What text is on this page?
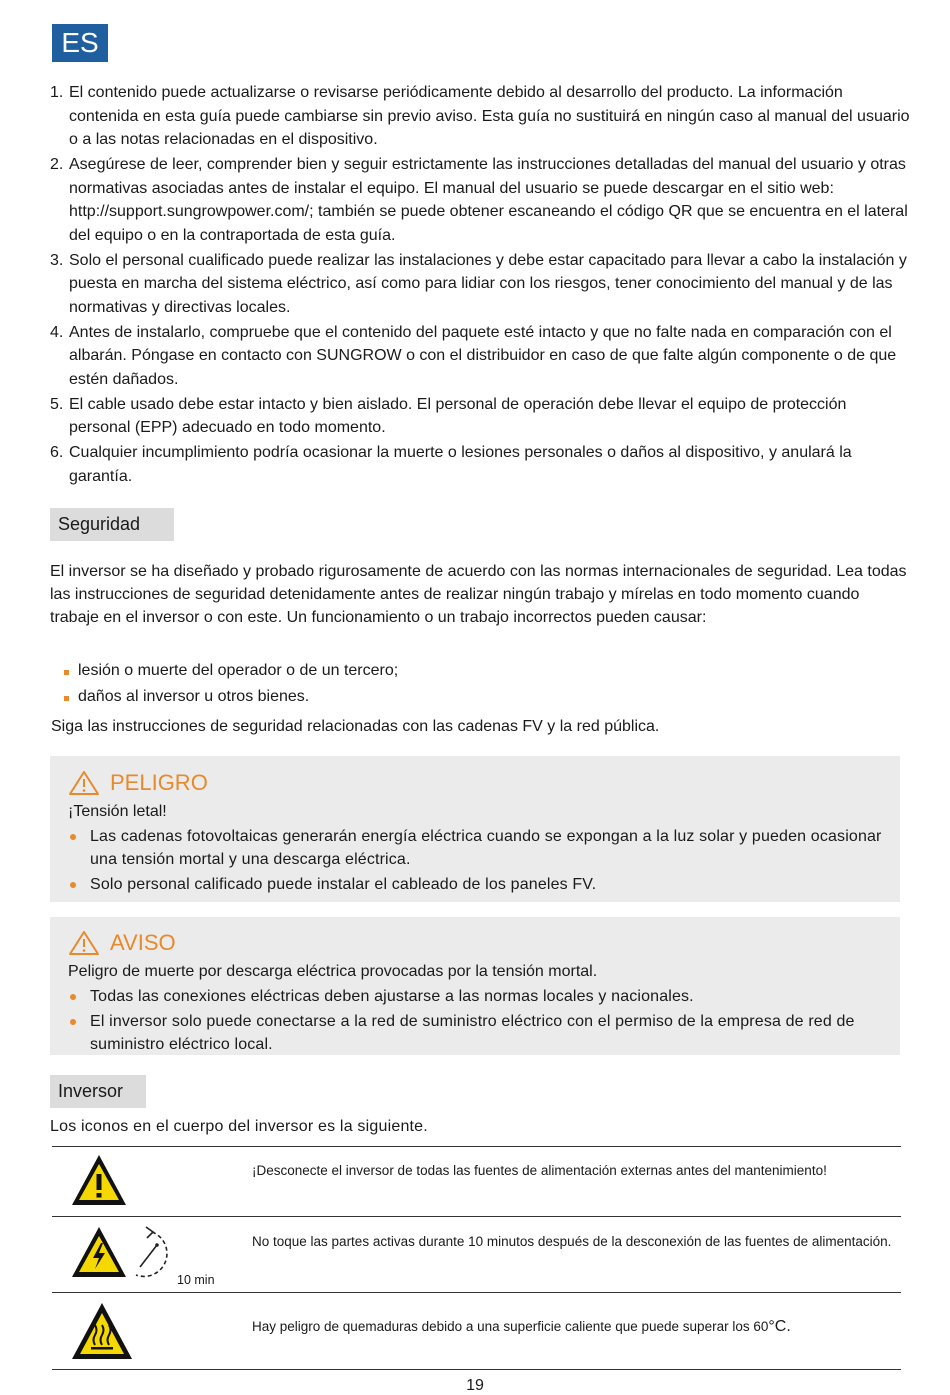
ES
1. El contenido puede actualizarse o revisarse periódicamente debido al desarrollo del producto. La información contenida en esta guía puede cambiarse sin previo aviso. Esta guía no sustituirá en ningún caso al manual del usuario o a las notas relacionadas en el dispositivo.
2. Asegúrese de leer, comprender bien y seguir estrictamente las instrucciones detalladas del manual del usuario y otras normativas asociadas antes de instalar el equipo. El manual del usuario se puede descargar en el sitio web: http://support.sungrowpower.com/; también se puede obtener escaneando el código QR que se encuentra en el lateral del equipo o en la contraportada de esta guía.
3. Solo el personal cualificado puede realizar las instalaciones y debe estar capacitado para llevar a cabo la instalación y puesta en marcha del sistema eléctrico, así como para lidiar con los riesgos, tener conocimiento del manual y de las normativas y directivas locales.
4. Antes de instalarlo, compruebe que el contenido del paquete esté intacto y que no falte nada en comparación con el albarán. Póngase en contacto con SUNGROW o con el distribuidor en caso de que falte algún componente o de que estén dañados.
5. El cable usado debe estar intacto y bien aislado. El personal de operación debe llevar el equipo de protección personal (EPP) adecuado en todo momento.
6. Cualquier incumplimiento podría ocasionar la muerte o lesiones personales o daños al dispositivo, y anulará la garantía.
Seguridad
El inversor se ha diseñado y probado rigurosamente de acuerdo con las normas internacionales de seguridad. Lea todas las instrucciones de seguridad detenidamente antes de realizar ningún trabajo y mírelas en todo momento cuando trabaje en el inversor o con este. Un funcionamiento o un trabajo incorrectos pueden causar:
lesión o muerte del operador o de un tercero;
daños al inversor u otros bienes.
Siga las instrucciones de seguridad relacionadas con las cadenas FV y la red pública.
PELIGRO
¡Tensión letal!
Las cadenas fotovoltaicas generarán energía eléctrica cuando se expongan a la luz solar y pueden ocasionar una tensión mortal y una descarga eléctrica.
Solo personal calificado puede instalar el cableado de los paneles FV.
AVISO
Peligro de muerte por descarga eléctrica provocadas por la tensión mortal.
Todas las conexiones eléctricas deben ajustarse a las normas locales y nacionales.
El inversor solo puede conectarse a la red de suministro eléctrico con el permiso de la empresa de red de suministro eléctrico local.
Inversor
Los iconos en el cuerpo del inversor es la siguiente.
¡Desconecte el inversor de todas las fuentes de alimentación externas antes del mantenimiento!
10 min
No toque las partes activas durante 10 minutos después de la desconexión de las fuentes de alimentación.
Hay peligro de quemaduras debido a una superficie caliente que puede superar los 60°C.
19
